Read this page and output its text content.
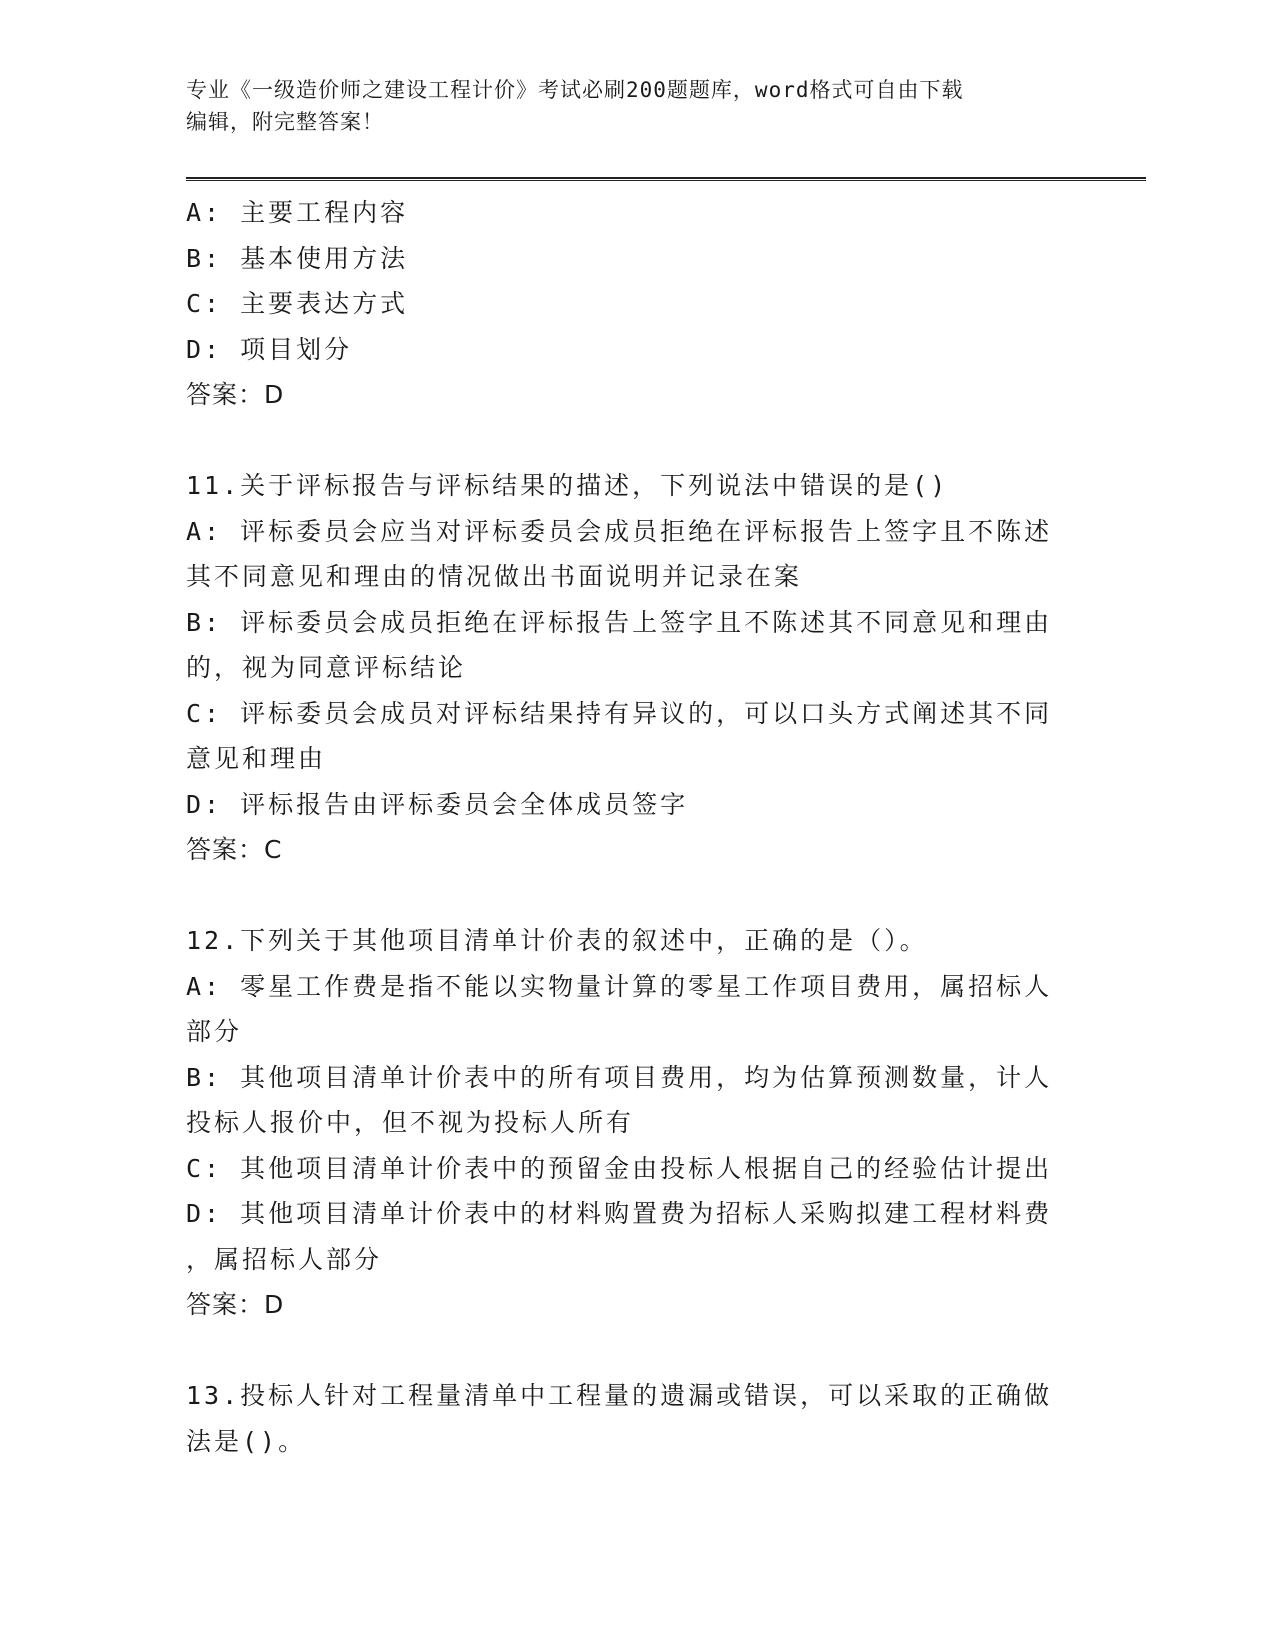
专业《一级造价师之建设工程计价》考试必刷200题题库，word格式可自由下载
编辑，附完整答案！
A: 主要工程内容
B: 基本使用方法
C: 主要表达方式
D: 项目划分
答案：D
11.关于评标报告与评标结果的描述，下列说法中错误的是()
A: 评标委员会应当对评标委员会成员拒绝在评标报告上签字且不陈述
其不同意见和理由的情况做出书面说明并记录在案
B: 评标委员会成员拒绝在评标报告上签字且不陈述其不同意见和理由
的，视为同意评标结论
C: 评标委员会成员对评标结果持有异议的，可以口头方式阐述其不同
意见和理由
D: 评标报告由评标委员会全体成员签字
答案：C
12.下列关于其他项目清单计价表的叙述中，正确的是（）。
A: 零星工作费是指不能以实物量计算的零星工作项目费用，属招标人
部分
B: 其他项目清单计价表中的所有项目费用，均为估算预测数量，计人
投标人报价中，但不视为投标人所有
C: 其他项目清单计价表中的预留金由投标人根据自己的经验估计提出
D: 其他项目清单计价表中的材料购置费为招标人采购拟建工程材料费
，属招标人部分
答案：D
13.投标人针对工程量清单中工程量的遗漏或错误，可以采取的正确做
法是()。
